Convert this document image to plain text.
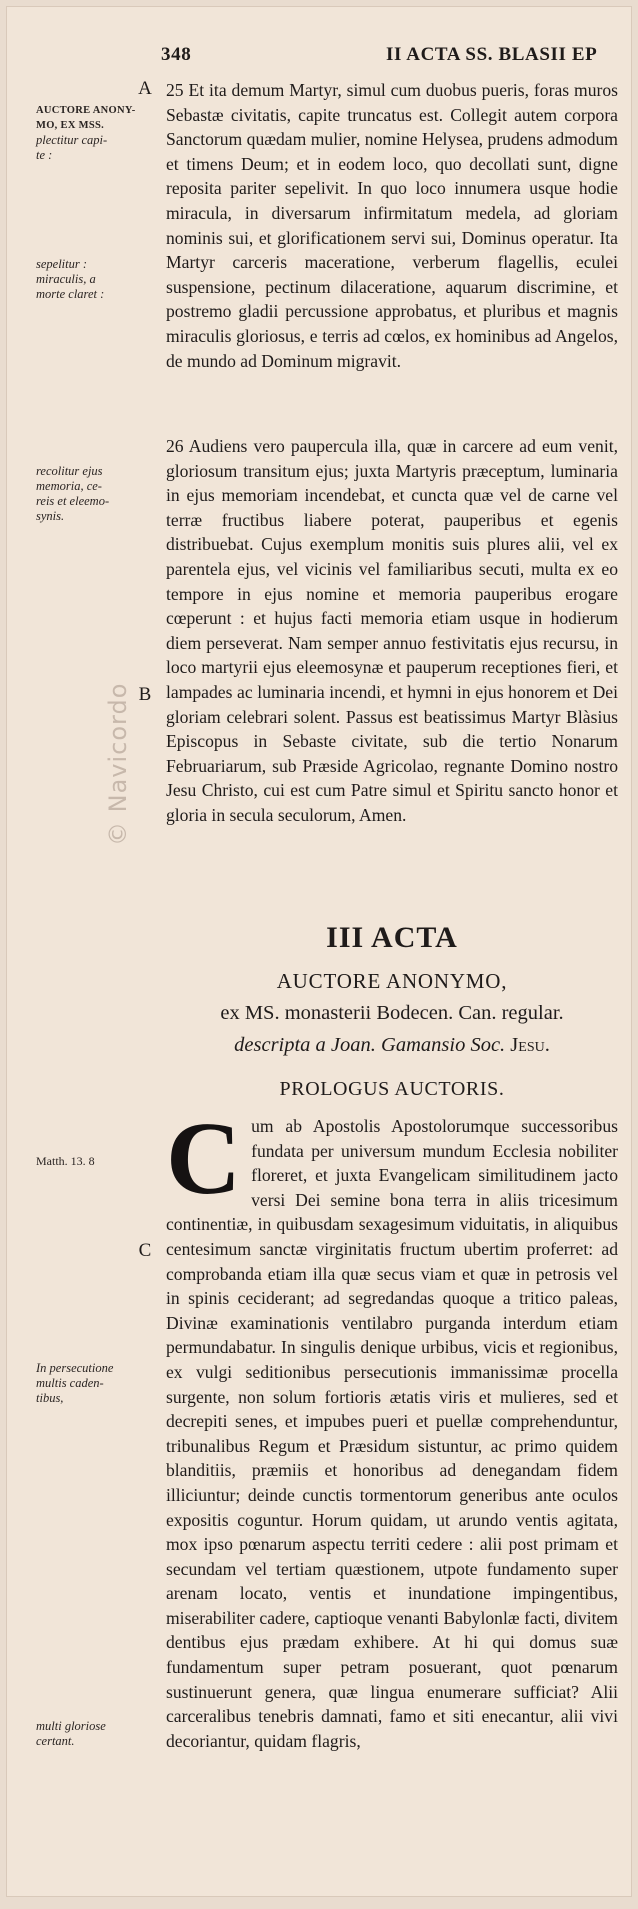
348	II ACTA SS. BLASII EP
A
B
C
AUCTORE ANONY-
MO, EX MSS.
plectitur capi-
te :
sepelitur :
miraculis, a
morte claret :
recolitur ejus
memoria, ce-
reis et eleemo-
synis.
Matth. 13. 8
In persecutione
multis caden-
tibus,
multi gloriose
certant.

25 Et ita demum Martyr, simul cum duobus pueris, foras muros Sebastæ civitatis, capite truncatus est. Collegit autem corpora Sanctorum quædam mulier, nomine Helysea, prudens admodum et timens Deum; et in eodem loco, quo decollati sunt, digne reposita pariter sepelivit. In quo loco innumera usque hodie miracula, in diversarum infirmitatum medela, ad gloriam nominis sui, et glorificationem servi sui, Dominus operatur. Ita Martyr carceris maceratione, verberum flagellis, eculei suspensione, pectinum dilaceratione, aquarum discrimine, et postremo gladii percussione approbatus, et pluribus et magnis miraculis gloriosus, e terris ad cœlos, ex hominibus ad Angelos, de mundo ad Dominum migravit.

26 Audiens vero paupercula illa, quæ in carcere ad eum venit, gloriosum transitum ejus; juxta Martyris præceptum, luminaria in ejus memoriam incendebat, et cuncta quæ vel de carne vel terræ fructibus liabere poterat, pauperibus et egenis distribuebat. Cujus exemplum monitis suis plures alii, vel ex parentela ejus, vel vicinis vel familiaribus secuti, multa ex eo tempore in ejus nomine et memoria pauperibus erogare cœperunt : et hujus facti memoria etiam usque in hodierum diem perseverat. Nam semper annuo festivitatis ejus recursu, in loco martyrii ejus eleemosynæ et pauperum receptiones fieri, et lampades ac luminaria incendi, et hymni in ejus honorem et Dei gloriam celebrari solent. Passus est beatissimus Martyr Blàsius Episcopus in Sebaste civitate, sub die tertio Nonarum Februariarum, sub Præside Agricolao, regnante Domino nostro Jesu Christo, cui est cum Patre simul et Spiritu sancto honor et gloria in secula seculorum, Amen.

III ACTA
AUCTORE ANONYMO,
ex MS. monasterii Bodecen. Can. regular.
descripta a Joan. Gamansio Soc. Jesu.
PROLOGUS AUCTORIS.
C um ab Apostolis Apostolorumque successoribus fundata per universum mundum Ecclesia nobiliter floreret, et juxta Evangelicam similitudinem jacto versi Dei semine bona terra in aliis tricesimum continentiæ, in quibusdam sexagesimum viduitatis, in aliquibus centesimum sanctæ virginitatis fructum ubertim proferret: ad comprobanda etiam illa quæ secus viam et quæ in petrosis vel in spinis ceciderant; ad segredandas quoque a tritico paleas, Divinæ examinationis ventilabro purganda interdum etiam permundabatur. In singulis denique urbibus, vicis et regionibus, ex vulgi seditionibus persecutionis immanissimæ procella surgente, non solum fortioris ætatis viris et mulieres, sed et decrepiti senes, et impubes pueri et puellæ comprehenduntur, tribunalibus Regum et Præsidum sistuntur, ac primo quidem blanditiis, præmiis et honoribus ad denegandam fidem illiciuntur; deinde cunctis tormentorum generibus ante oculos expositis coguntur. Horum quidam, ut arundo ventis agitata, mox ipso pœnarum aspectu territi cedere : alii post primam et secundam vel tertiam quæstionem, utpote fundamento super arenam locato, ventis et inundatione impingentibus, miserabiliter cadere, captioque venanti Babylonlæ facti, divitem dentibus ejus prædam exhibere. At hi qui domus suæ fundamentum super petram posuerant, quot pœnarum sustinuerunt genera, quæ lingua enumerare sufficiat? Alii carceralibus tenebris damnati, famo et siti enecantur, alii vivi decoriantur, quidam flagris,
© Navicordo
